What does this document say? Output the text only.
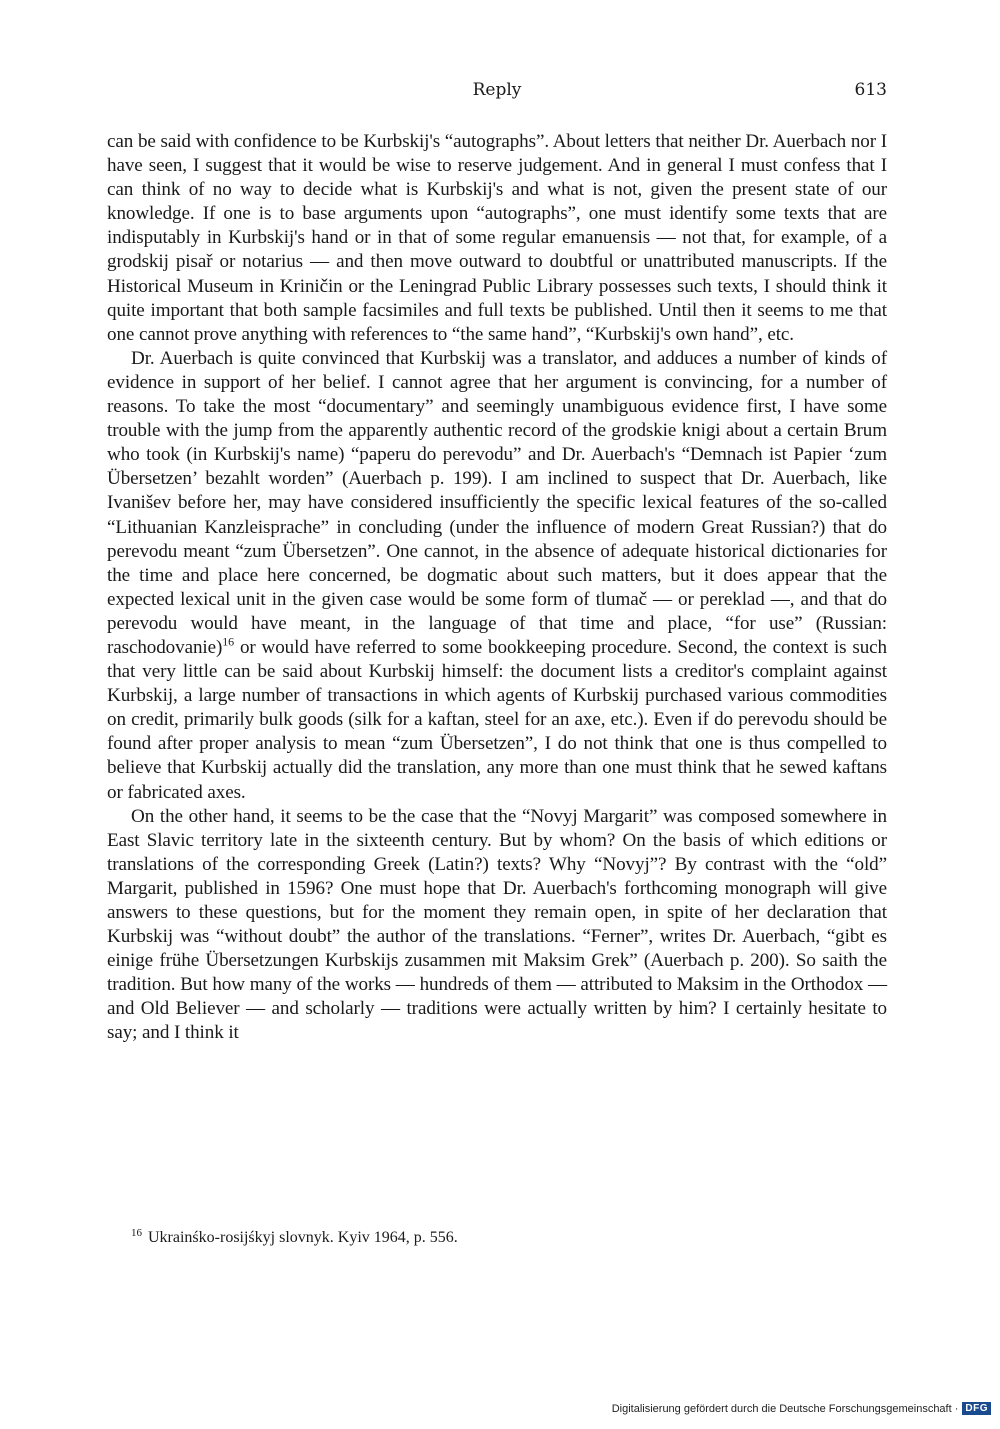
Reply	613

can be said with confidence to be Kurbskij's “autographs”. About letters that neither Dr. Auerbach nor I have seen, I suggest that it would be wise to reserve judgement. And in general I must confess that I can think of no way to decide what is Kurbskij's and what is not, given the present state of our knowledge. If one is to base arguments upon “autographs”, one must identify some texts that are indisputably in Kurbskij's hand or in that of some regular emanuensis — not that, for example, of a grodskij pisař or notarius — and then move outward to doubtful or unattributed manuscripts. If the Historical Museum in Kriničin or the Leningrad Public Library possesses such texts, I should think it quite important that both sample facsimiles and full texts be published. Until then it seems to me that one cannot prove anything with references to “the same hand”, “Kurbskij's own hand”, etc.

Dr. Auerbach is quite convinced that Kurbskij was a translator, and adduces a number of kinds of evidence in support of her belief. I cannot agree that her argument is convincing, for a number of reasons. To take the most “documentary” and seemingly unambiguous evidence first, I have some trouble with the jump from the apparently authentic record of the grodskie knigi about a certain Brum who took (in Kurbskij's name) “paperu do perevodu” and Dr. Auerbach's “Demnach ist Papier ‘zum Übersetzen’ bezahlt worden” (Auerbach p. 199). I am inclined to suspect that Dr. Auerbach, like Ivanišev before her, may have considered insufficiently the specific lexical features of the so-called “Lithuanian Kanzleisprache” in concluding (under the influence of modern Great Russian?) that do perevodu meant “zum Übersetzen”. One cannot, in the absence of adequate historical dictionaries for the time and place here concerned, be dogmatic about such matters, but it does appear that the expected lexical unit in the given case would be some form of tlumač — or pereklad —, and that do perevodu would have meant, in the language of that time and place, “for use” (Russian: raschodovanie)$^{16}$ or would have referred to some bookkeeping procedure. Second, the context is such that very little can be said about Kurbskij himself: the document lists a creditor's complaint against Kurbskij, a large number of transactions in which agents of Kurbskij purchased various commodities on credit, primarily bulk goods (silk for a kaftan, steel for an axe, etc.). Even if do perevodu should be found after proper analysis to mean “zum Übersetzen”, I do not think that one is thus compelled to believe that Kurbskij actually did the translation, any more than one must think that he sewed kaftans or fabricated axes.

On the other hand, it seems to be the case that the “Novyj Margarit” was composed somewhere in East Slavic territory late in the sixteenth century. But by whom? On the basis of which editions or translations of the corresponding Greek (Latin?) texts? Why “Novyj”? By contrast with the “old” Margarit, published in 1596? One must hope that Dr. Auerbach's forthcoming monograph will give answers to these questions, but for the moment they remain open, in spite of her declaration that Kurbskij was “without doubt” the author of the translations. “Ferner”, writes Dr. Auerbach, “gibt es einige frühe Übersetzungen Kurbskijs zusammen mit Maksim Grek” (Auerbach p. 200). So saith the tradition. But how many of the works — hundreds of them — attributed to Maksim in the Orthodox — and Old Believer — and scholarly — traditions were actually written by him? I certainly hesitate to say; and I think it

$^{16}$ Ukrainśko-rosijśkyj slovnyk. Kyiv 1964, p. 556.
Digitalisierung gefördert durch die Deutsche Forschungsgemeinschaft · DFG
